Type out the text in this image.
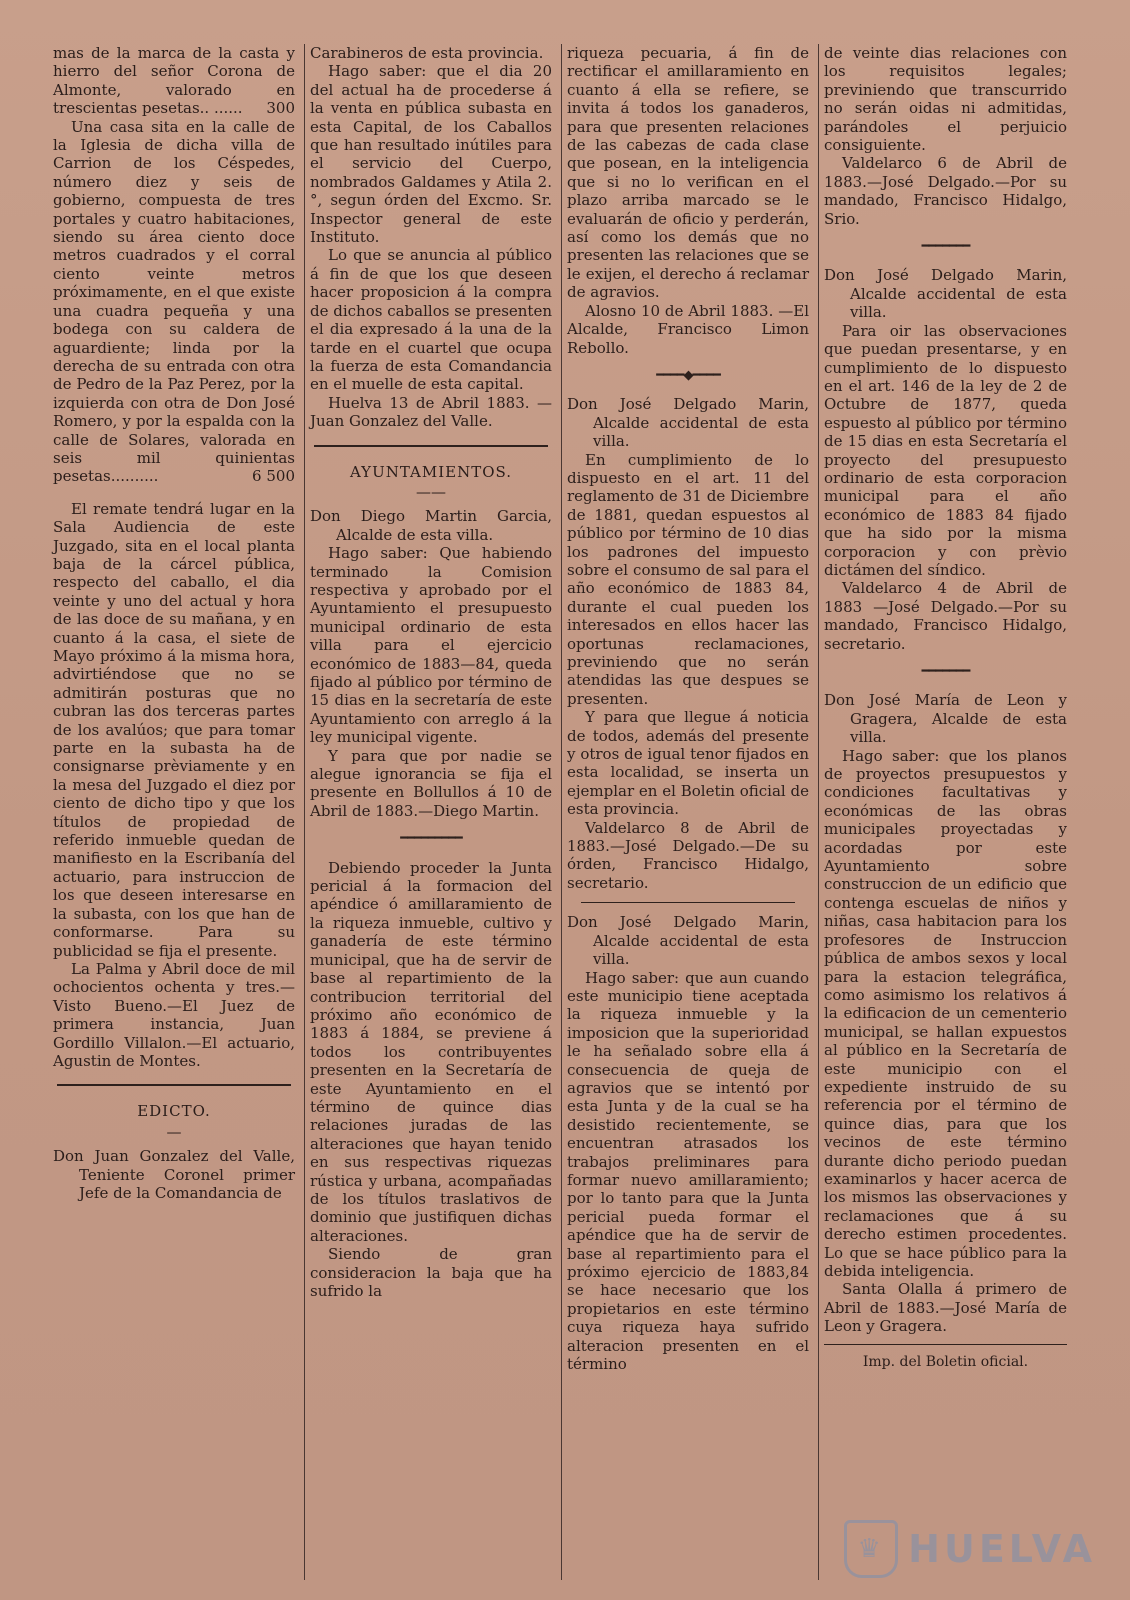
mas de la marca de la casta y hierro del señor Corona de Almonte, valorado en trescientas pesetas.. ...... 300

Una casa sita en la calle de la Iglesia de dicha villa de Carrion de los Céspedes, número diez y seis de gobierno, compuesta de tres portales y cuatro habitaciones, siendo su área ciento doce metros cuadrados y el corral ciento veinte metros próximamente, en el que existe una cuadra pequeña y una bodega con su caldera de aguardiente; linda por la derecha de su entrada con otra de Pedro de la Paz Perez, por la izquierda con otra de Don José Romero, y por la espalda con la calle de Solares, valorada en seis mil quinientas pesetas..........	6 500

El remate tendrá lugar en la Sala Audiencia de este Juzgado, sita en el local planta baja de la cárcel pública, respecto del caballo, el dia veinte y uno del actual y hora de las doce de su mañana, y en cuanto á la casa, el siete de Mayo próximo á la misma hora, advirtiéndose que no se admitirán posturas que no cubran las dos terceras partes de los avalúos; que para tomar parte en la subasta ha de consignarse prèviamente y en la mesa del Juzgado el diez por ciento de dicho tipo y que los títulos de propiedad de referido inmueble quedan de manifiesto en la Escribanía del actuario, para instruccion de los que deseen interesarse en la subasta, con los que han de conformarse. Para su publicidad se fija el presente.

La Palma y Abril doce de mil ochocientos ochenta y tres.—Visto Bueno.—El Juez de primera instancia, Juan Gordillo Villalon.—El actuario, Agustin de Montes.

EDICTO.
—

Don Juan Gonzalez del Valle, Teniente Coronel primer Jefe de la Comandancia de

Carabineros de esta provincia.

Hago saber: que el dia 20 del actual ha de procederse á la venta en pública subasta en esta Capital, de los Caballos que han resultado inútiles para el servicio del Cuerpo, nombrados Galdames y Atila 2.°, segun órden del Excmo. Sr. Inspector general de este Instituto.

Lo que se anuncia al público á fin de que los que deseen hacer proposicion á la compra de dichos caballos se presenten el dia expresado á la una de la tarde en el cuartel que ocupa la fuerza de esta Comandancia en el muelle de esta capital.

Huelva 13 de Abril 1883. —Juan Gonzalez del Valle.

AYUNTAMIENTOS.
——

Don Diego Martin Garcia, Alcalde de esta villa.

Hago saber: Que habiendo terminado la Comision respectiva y aprobado por el Ayuntamiento el presupuesto municipal ordinario de esta villa para el ejercicio económico de 1883—84, queda fijado al público por término de 15 dias en la secretaría de este Ayuntamiento con arreglo á la ley municipal vigente.

Y para que por nadie se alegue ignorancia se fija el presente en Bollullos á 10 de Abril de 1883.—Diego Martin.

━━━━━━━━━

Debiendo proceder la Junta pericial á la formacion del apéndice ó amillaramiento de la riqueza inmueble, cultivo y ganadería de este término municipal, que ha de servir de base al repartimiento de la contribucion territorial del próximo año económico de 1883 á 1884, se previene á todos los contribuyentes presenten en la Secretaría de este Ayuntamiento en el término de quince dias relaciones juradas de las alteraciones que hayan tenido en sus respectivas riquezas rústica y urbana, acompañadas de los títulos traslativos de dominio que justifiquen dichas alteraciones.

Siendo de gran consideracion la baja que ha sufrido la

riqueza pecuaria, á fin de rectificar el amillaramiento en cuanto á ella se refiere, se invita á todos los ganaderos, para que presenten relaciones de las cabezas de cada clase que posean, en la inteligencia que si no lo verifican en el plazo arriba marcado se le evaluarán de oficio y perderán, así como los demás que no presenten las relaciones que se le exijen, el derecho á reclamar de agravios.

Alosno 10 de Abril 1883. —El Alcalde, Francisco Limon Rebollo.

━━━━◆━━━━

Don José Delgado Marin, Alcalde accidental de esta villa.

En cumplimiento de lo dispuesto en el art. 11 del reglamento de 31 de Diciembre de 1881, quedan espuestos al público por término de 10 dias los padrones del impuesto sobre el consumo de sal para el año económico de 1883 84, durante el cual pueden los interesados en ellos hacer las oportunas reclamaciones, previniendo que no serán atendidas las que despues se presenten.

Y para que llegue á noticia de todos, además del presente y otros de igual tenor fijados en esta localidad, se inserta un ejemplar en el Boletin oficial de esta provincia.

Valdelarco 8 de Abril de 1883.—José Delgado.—De su órden, Francisco Hidalgo, secretario.

Don José Delgado Marin, Alcalde accidental de esta villa.

Hago saber: que aun cuando este municipio tiene aceptada la riqueza inmueble y la imposicion que la superioridad le ha señalado sobre ella á consecuencia de queja de agravios que se intentó por esta Junta y de la cual se ha desistido recientemente, se encuentran atrasados los trabajos preliminares para formar nuevo amillaramiento; por lo tanto para que la Junta pericial pueda formar el apéndice que ha de servir de base al repartimiento para el próximo ejercicio de 1883,84 se hace necesario que los propietarios en este término cuya riqueza haya sufrido alteracion presenten en el término

de veinte dias relaciones con los requisitos legales; previniendo que transcurrido no serán oidas ni admitidas, parándoles el perjuicio consiguiente.

Valdelarco 6 de Abril de 1883.—José Delgado.—Por su mandado, Francisco Hidalgo, Srio.

━━━━━━━

Don José Delgado Marin, Alcalde accidental de esta villa.

Para oir las observaciones que puedan presentarse, y en cumplimiento de lo dispuesto en el art. 146 de la ley de 2 de Octubre de 1877, queda espuesto al público por término de 15 dias en esta Secretaría el proyecto del presupuesto ordinario de esta corporacion municipal para el año económico de 1883 84 fijado que ha sido por la misma corporacion y con prèvio dictámen del síndico.

Valdelarco 4 de Abril de 1883 —José Delgado.—Por su mandado, Francisco Hidalgo, secretario.

━━━━━━━

Don José María de Leon y Gragera, Alcalde de esta villa.

Hago saber: que los planos de proyectos presupuestos y condiciones facultativas y económicas de las obras municipales proyectadas y acordadas por este Ayuntamiento sobre construccion de un edificio que contenga escuelas de niños y niñas, casa habitacion para los profesores de Instruccion pública de ambos sexos y local para la estacion telegráfica, como asimismo los relativos á la edificacion de un cementerio municipal, se hallan expuestos al público en la Secretaría de este municipio con el expediente instruido de su referencia por el término de quince dias, para que los vecinos de este término durante dicho periodo puedan examinarlos y hacer acerca de los mismos las observaciones y reclamaciones que á su derecho estimen procedentes. Lo que se hace público para la debida inteligencia.

Santa Olalla á primero de Abril de 1883.—José María de Leon y Gragera.

Imp. del Boletin oficial.
♛ HUELVA
